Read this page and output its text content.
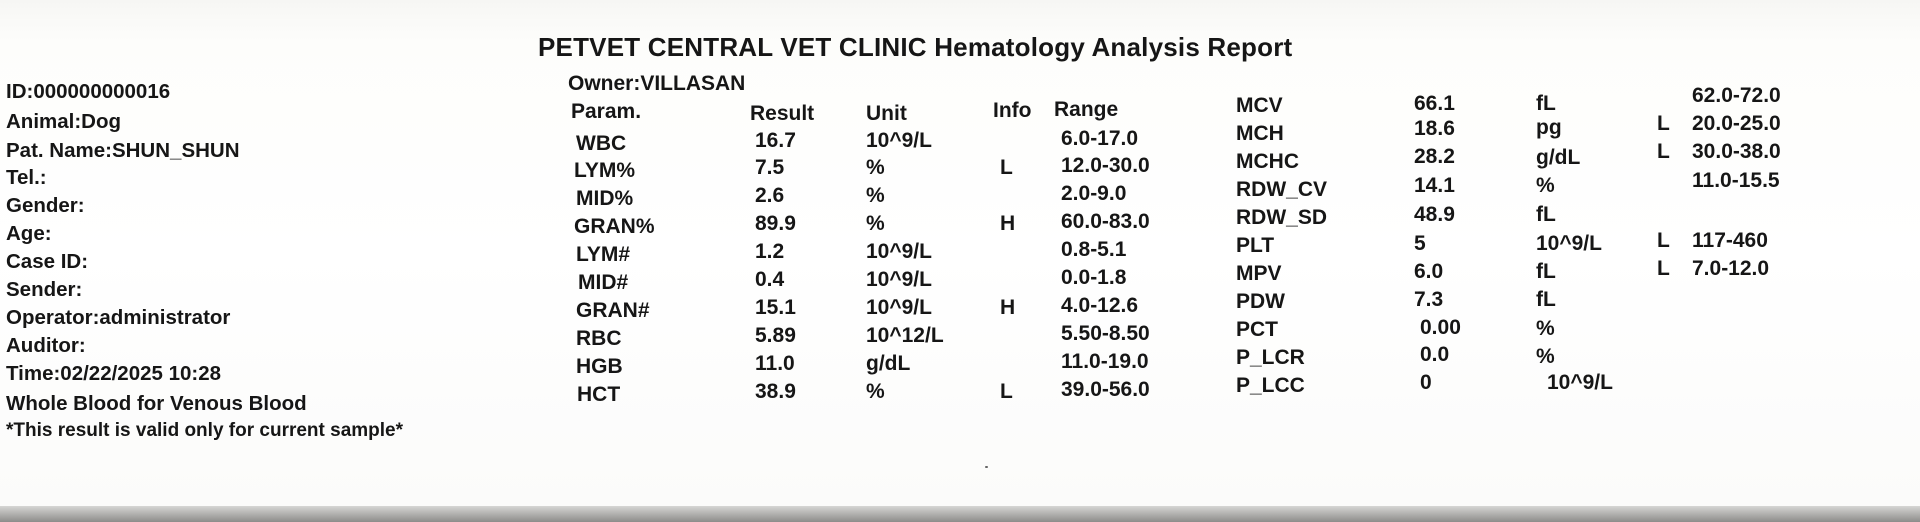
PETVET CENTRAL VET CLINIC Hematology Analysis Report
ID:000000000016
Animal:Dog
Pat. Name:SHUN_SHUN
Tel.:
Gender:
Age:
Case ID:
Sender:
Operator:administrator
Auditor:
Time:02/22/2025 10:28
Whole Blood for Venous Blood
*This result is valid only for current sample*
Owner:VILLASAN
Param.	Result Unit	Info Range
WBC	16.7	10^9/L	6.0-17.0
LYM%	7.5	%	L 12.0-30.0
MID%	2.6	%	2.0-9.0
GRAN%	89.9	%	H 60.0-83.0
LYM#	1.2	10^9/L	0.8-5.1
MID#	0.4	10^9/L	0.0-1.8
GRAN#	15.1	10^9/L	H 4.0-12.6
RBC	5.89	10^12/L	5.50-8.50
HGB	11.0	g/dL	11.0-19.0
HCT	38.9	%	L 39.0-56.0
MCV	66.1	fL	62.0-72.0
MCH	18.6	pg	L 20.0-25.0
MCHC	28.2	g/dL	L 30.0-38.0
RDW_CV	14.1	%	11.0-15.5
RDW_SD	48.9	fL
PLT	5	10^9/L	L 117-460
MPV	6.0	fL	L 7.0-12.0
PDW	7.3	fL
PCT	0.00	%
P_LCR	0.0	%
P_LCC	0	10^9/L
